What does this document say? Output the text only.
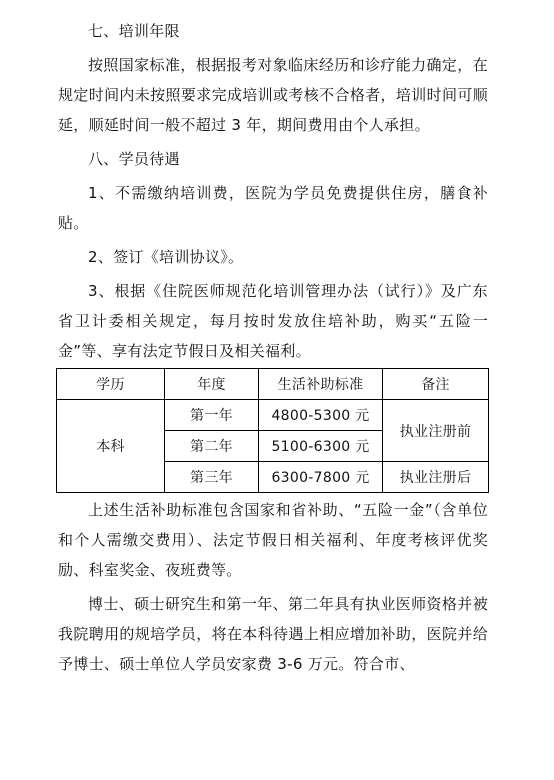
七、培训年限

按照国家标准，根据报考对象临床经历和诊疗能力确定，在规定时间内未按照要求完成培训或考核不合格者，培训时间可顺延，顺延时间一般不超过 3 年，期间费用由个人承担。

八、学员待遇

1、不需缴纳培训费，医院为学员免费提供住房，膳食补贴。

2、签订《培训协议》。

3、根据《住院医师规范化培训管理办法（试行）》及广东省卫计委相关规定，每月按时发放住培补助，购买“五险一金”等、享有法定节假日及相关福利。

学历	年度	生活补助标准	备注
本科	第一年	4800-5300 元	执业注册前
	第二年	5100-6300 元	
	第三年	6300-7800 元	执业注册后

上述生活补助标准包含国家和省补助、“五险一金”（含单位和个人需缴交费用）、法定节假日相关福利、年度考核评优奖励、科室奖金、夜班费等。

博士、硕士研究生和第一年、第二年具有执业医师资格并被我院聘用的规培学员，将在本科待遇上相应增加补助，医院并给予博士、硕士单位人学员安家费 3-6 万元。符合市、
